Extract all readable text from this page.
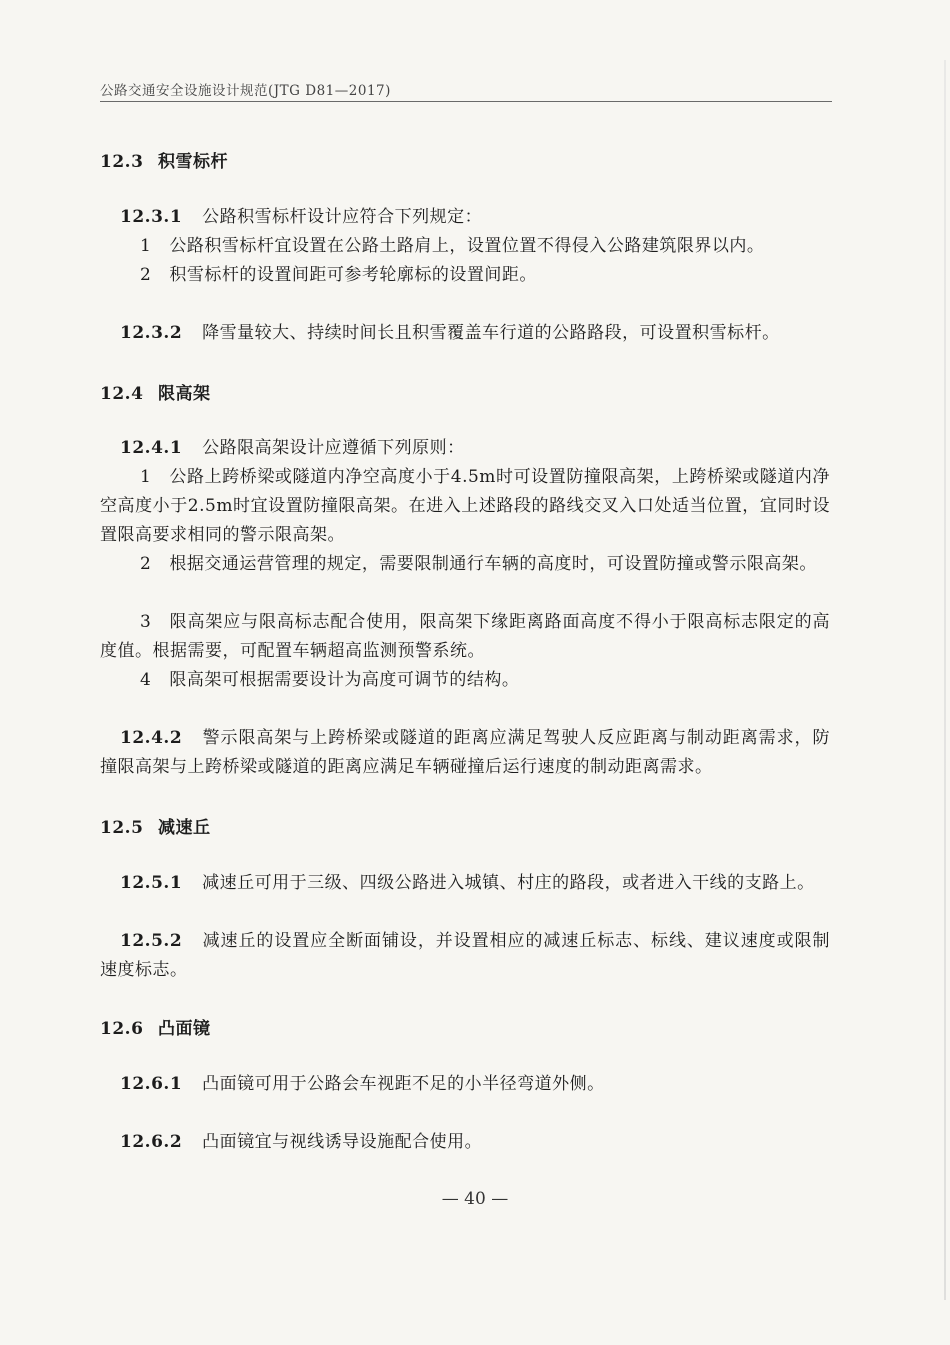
公路交通安全设施设计规范(JTG D81—2017)
12.3 积雪标杆
12.3.1 公路积雪标杆设计应符合下列规定：
1 公路积雪标杆宜设置在公路土路肩上，设置位置不得侵入公路建筑限界以内。
2 积雪标杆的设置间距可参考轮廓标的设置间距。
12.3.2 降雪量较大、持续时间长且积雪覆盖车行道的公路路段，可设置积雪标杆。
12.4 限高架
12.4.1 公路限高架设计应遵循下列原则：
1 公路上跨桥梁或隧道内净空高度小于4.5m时可设置防撞限高架，上跨桥梁或隧道内净空高度小于2.5m时宜设置防撞限高架。在进入上述路段的路线交叉入口处适当位置，宜同时设置限高要求相同的警示限高架。
2 根据交通运营管理的规定，需要限制通行车辆的高度时，可设置防撞或警示限高架。
3 限高架应与限高标志配合使用，限高架下缘距离路面高度不得小于限高标志限定的高度值。根据需要，可配置车辆超高监测预警系统。
4 限高架可根据需要设计为高度可调节的结构。
12.4.2 警示限高架与上跨桥梁或隧道的距离应满足驾驶人反应距离与制动距离需求，防撞限高架与上跨桥梁或隧道的距离应满足车辆碰撞后运行速度的制动距离需求。
12.5 减速丘
12.5.1 减速丘可用于三级、四级公路进入城镇、村庄的路段，或者进入干线的支路上。
12.5.2 减速丘的设置应全断面铺设，并设置相应的减速丘标志、标线、建议速度或限制速度标志。
12.6 凸面镜
12.6.1 凸面镜可用于公路会车视距不足的小半径弯道外侧。
12.6.2 凸面镜宜与视线诱导设施配合使用。
— 40 —
